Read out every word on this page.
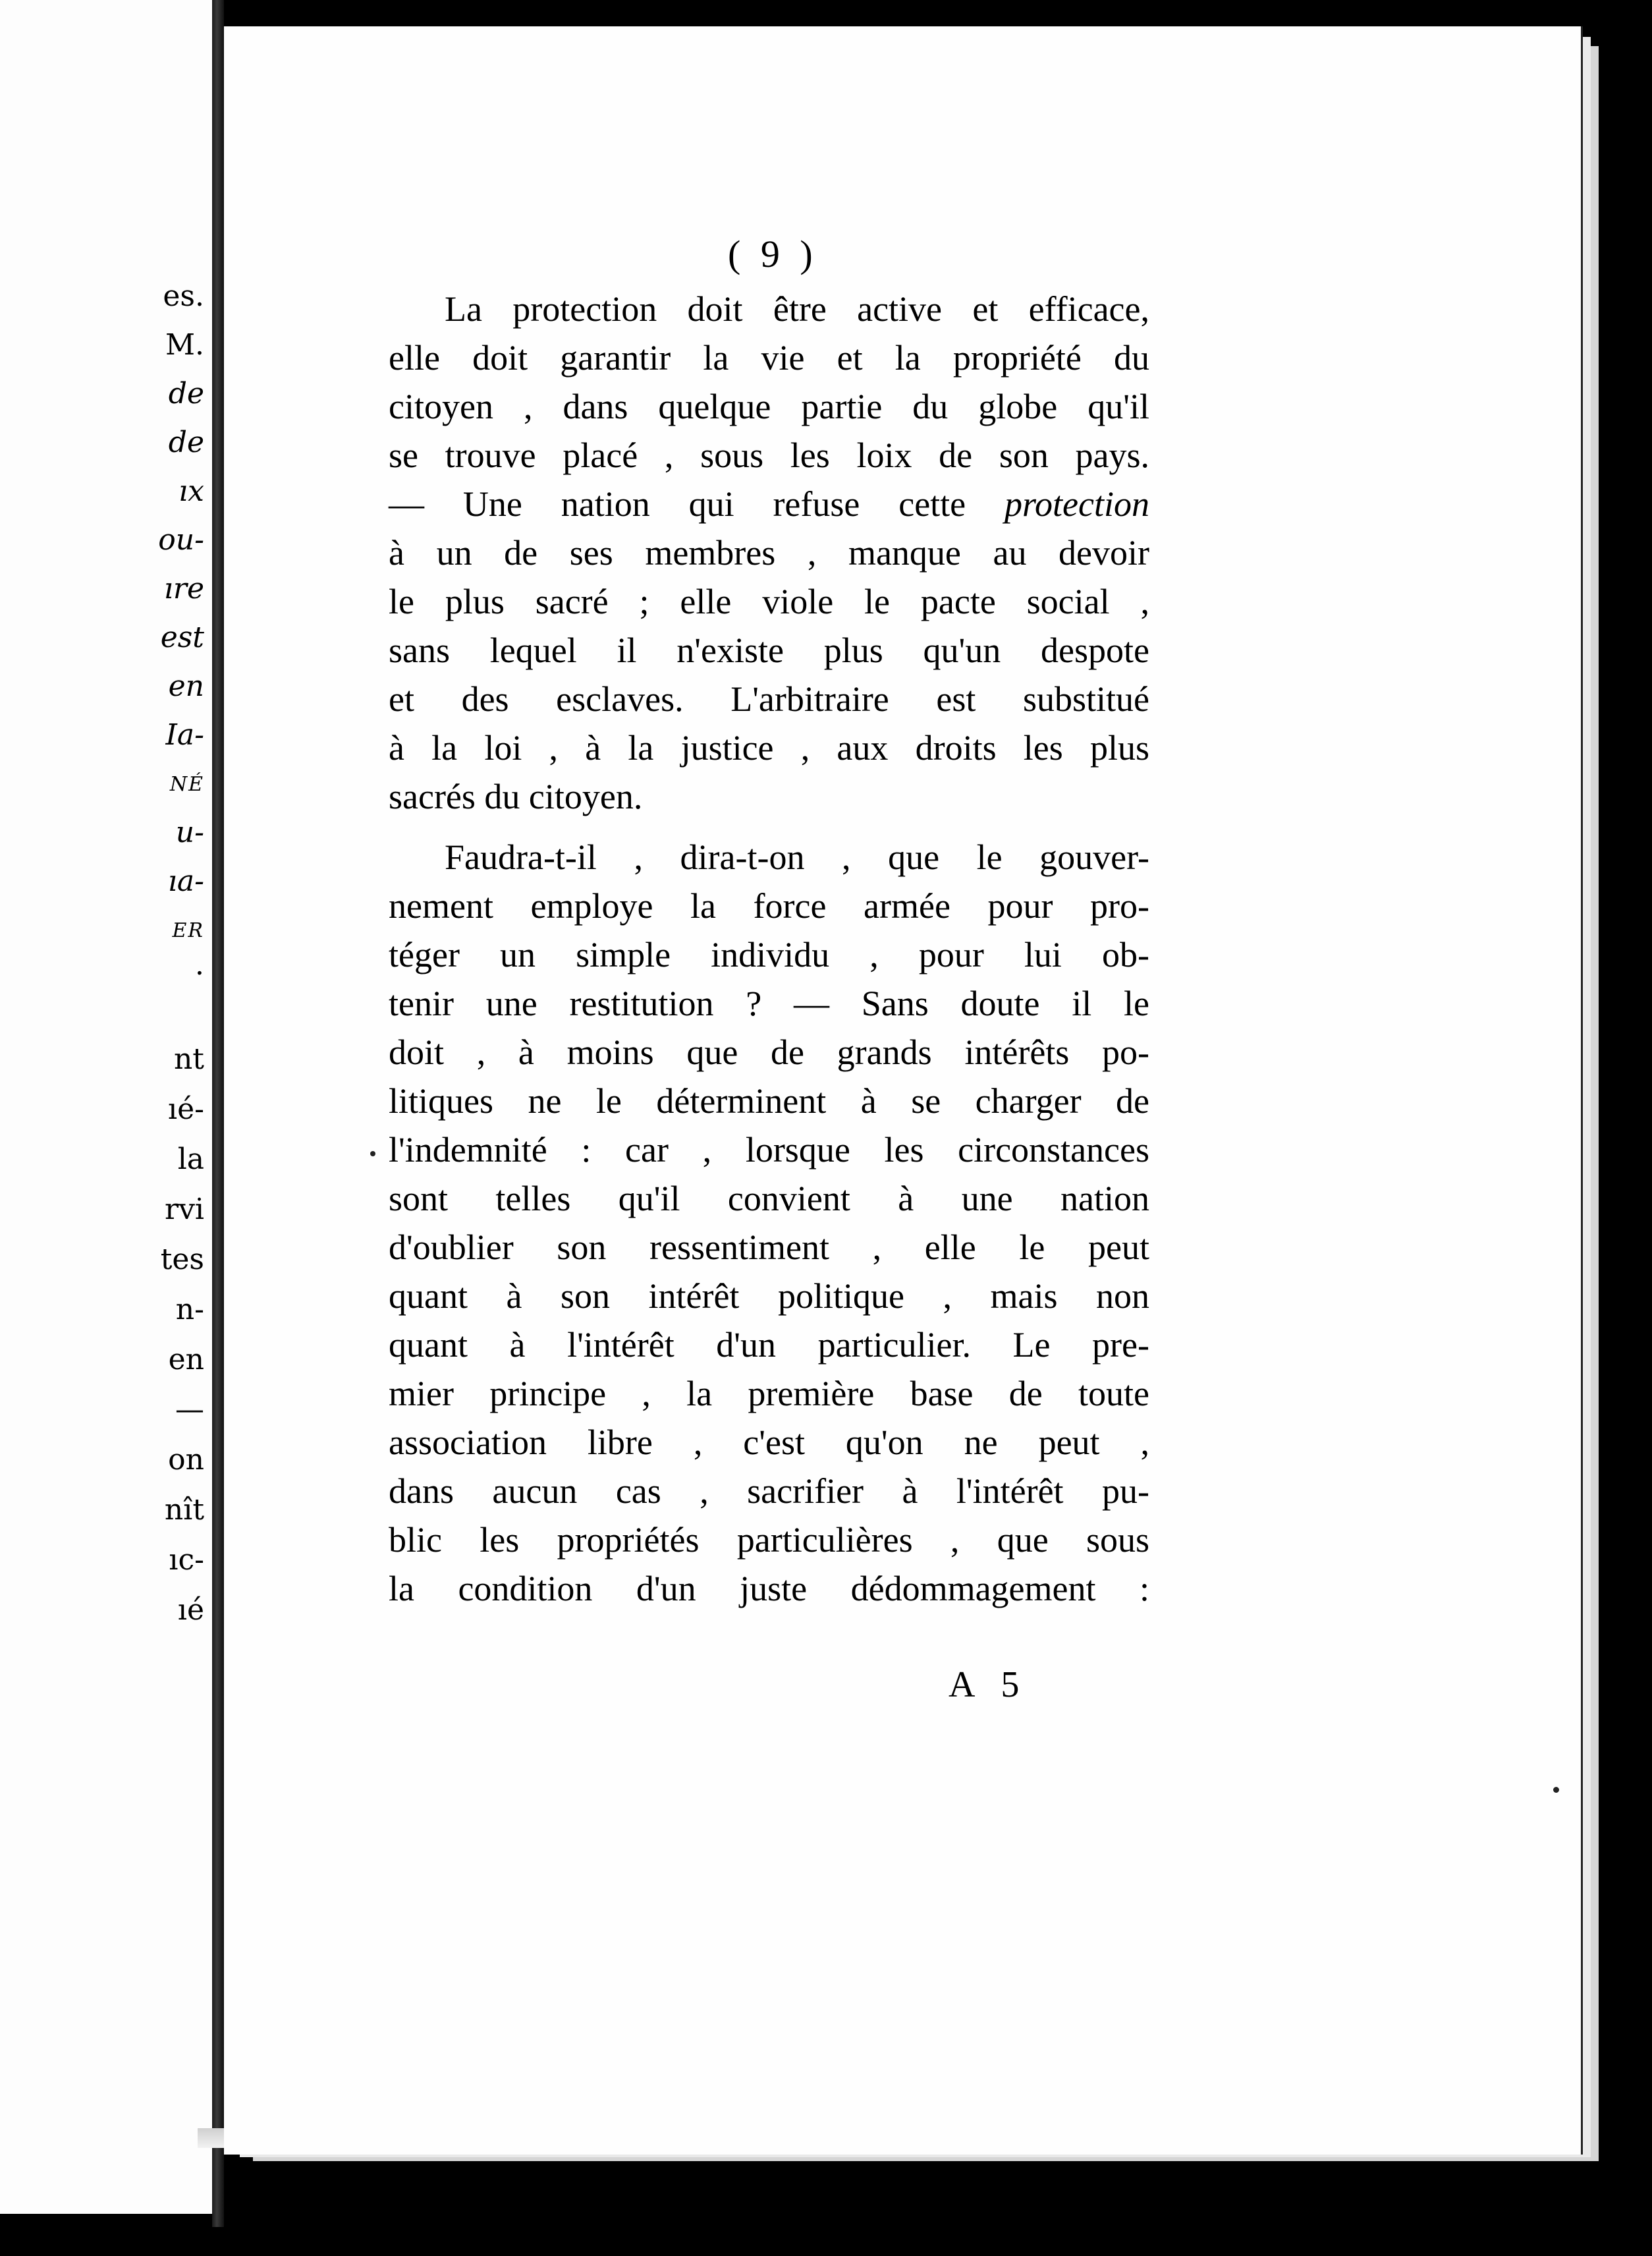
es.
M.
de
de
ıx
ou-
ıre
est
en
Ia-
NÉ
u-
ıa-
ER
·
nt
ıé-
la
rvi
tes
n-
en
—
on
nît
ıc-
ıé
( 9 )
La protection doit être active et efficace,
elle doit garantir la vie et la propriété du
citoyen , dans quelque partie du globe qu'il
se trouve placé , sous les loix de son pays.
— Une nation qui refuse cette protection
à un de ses membres , manque au devoir
le plus sacré ; elle viole le pacte social ,
sans lequel il n'existe plus qu'un despote
et des esclaves. L'arbitraire est substitué
à la loi , à la justice , aux droits les plus
sacrés du citoyen.
Faudra-t-il , dira-t-on , que le gouver-
nement employe la force armée pour pro-
téger un simple individu , pour lui ob-
tenir une restitution ? — Sans doute il le
doit , à moins que de grands intérêts po-
litiques ne le déterminent à se charger de
l'indemnité : car , lorsque les circonstances
sont telles qu'il convient à une nation
d'oublier son ressentiment , elle le peut
quant à son intérêt politique , mais non
quant à l'intérêt d'un particulier. Le pre-
mier principe , la première base de toute
association libre , c'est qu'on ne peut ,
dans aucun cas , sacrifier à l'intérêt pu-
blic les propriétés particulières , que sous
la condition d'un juste dédommagement :
A 5
